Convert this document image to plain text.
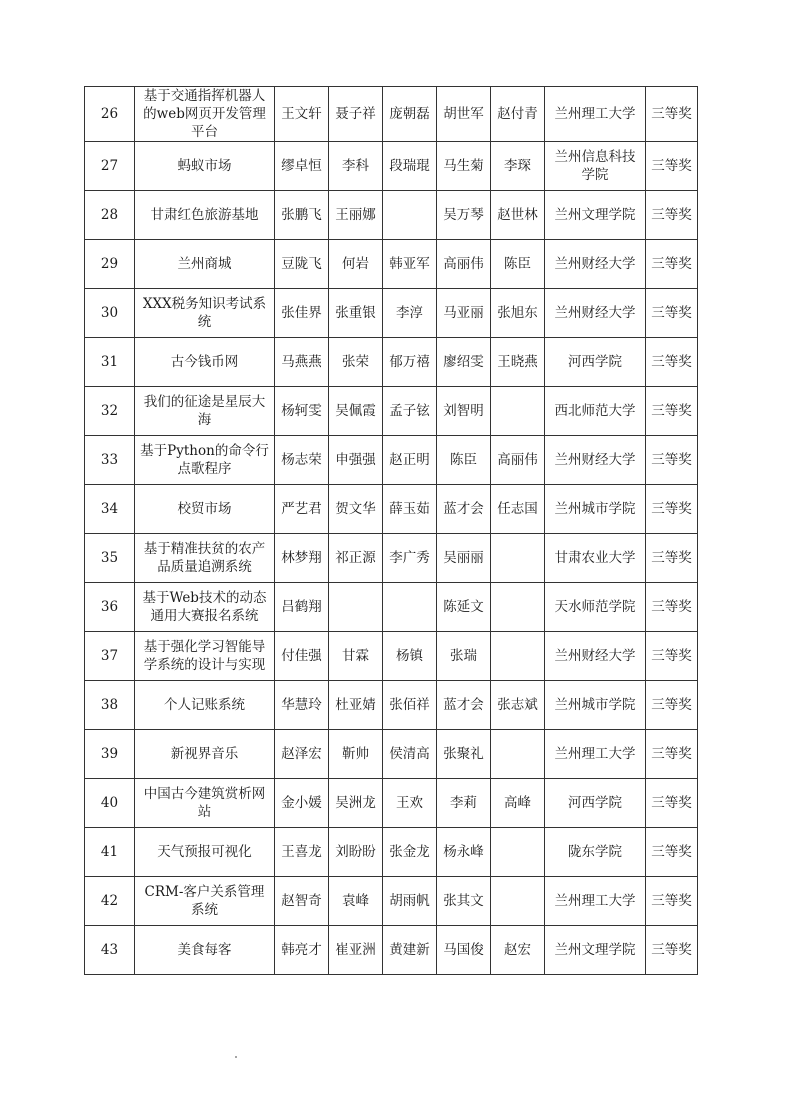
26	基于交通指挥机器人的web网页开发管理平台	王文轩	聂子祥	庞朝磊	胡世军	赵付青	兰州理工大学	三等奖
27	蚂蚁市场	缪卓恒	李科	段瑞琨	马生菊	李琛	兰州信息科技学院	三等奖
28	甘肃红色旅游基地	张鹏飞	王丽娜		吴万琴	赵世林	兰州文理学院	三等奖
29	兰州商城	豆陇飞	何岩	韩亚军	高丽伟	陈臣	兰州财经大学	三等奖
30	XXX税务知识考试系统	张佳界	张重银	李淳	马亚丽	张旭东	兰州财经大学	三等奖
31	古今钱币网	马燕燕	张荣	郁万禧	廖绍雯	王晓燕	河西学院	三等奖
32	我们的征途是星辰大海	杨轲雯	吴佩霞	孟子铉	刘智明		西北师范大学	三等奖
33	基于Python的命令行点歌程序	杨志荣	申强强	赵正明	陈臣	高丽伟	兰州财经大学	三等奖
34	校贸市场	严艺君	贺文华	薛玉茹	蓝才会	任志国	兰州城市学院	三等奖
35	基于精准扶贫的农产品质量追溯系统	林梦翔	祁正源	李广秀	吴丽丽		甘肃农业大学	三等奖
36	基于Web技术的动态通用大赛报名系统	吕鹤翔			陈延文		天水师范学院	三等奖
37	基于强化学习智能导学系统的设计与实现	付佳强	甘霖	杨镇	张瑞		兰州财经大学	三等奖
38	个人记账系统	华慧玲	杜亚婧	张佰祥	蓝才会	张志斌	兰州城市学院	三等奖
39	新视界音乐	赵泽宏	靳帅	侯清高	张聚礼		兰州理工大学	三等奖
40	中国古今建筑赏析网站	金小媛	吴洲龙	王欢	李莉	高峰	河西学院	三等奖
41	天气预报可视化	王喜龙	刘盼盼	张金龙	杨永峰		陇东学院	三等奖
42	CRM-客户关系管理系统	赵智奇	袁峰	胡雨帆	张其文		兰州理工大学	三等奖
43	美食每客	韩亮才	崔亚洲	黄建新	马国俊	赵宏	兰州文理学院	三等奖
